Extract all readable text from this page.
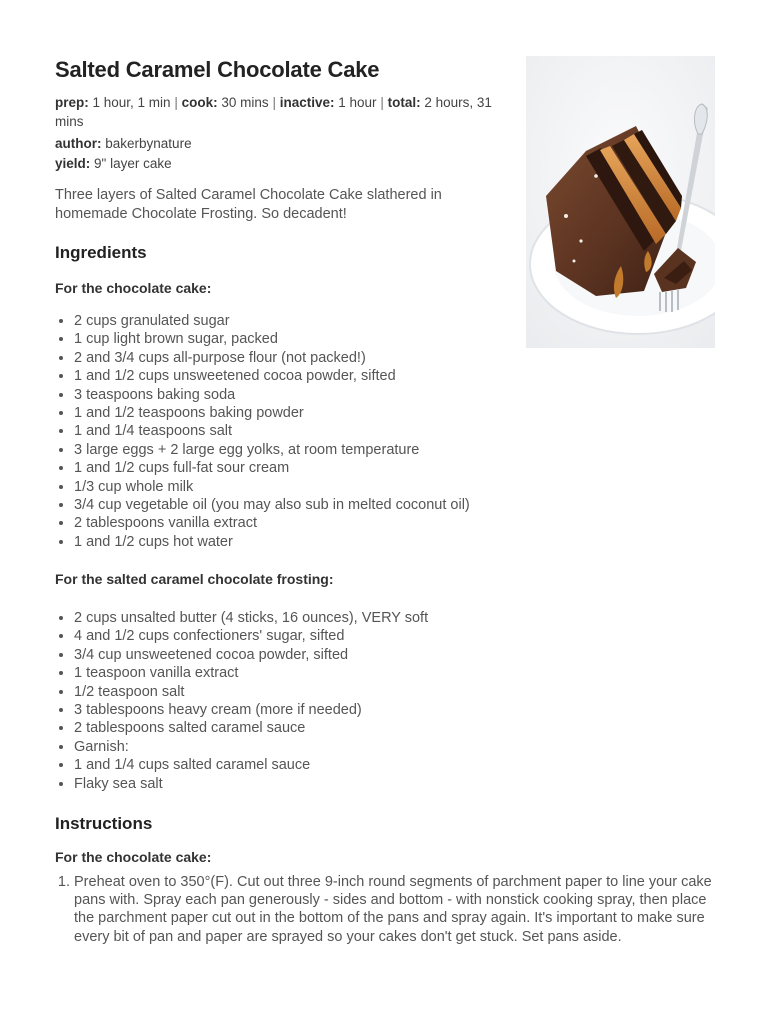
Salted Caramel Chocolate Cake
prep: 1 hour, 1 min | cook: 30 mins | inactive: 1 hour | total: 2 hours, 31 mins
author: bakerbynature
yield: 9" layer cake

Three layers of Salted Caramel Chocolate Cake slathered in homemade Chocolate Frosting. So decadent!

Ingredients
For the chocolate cake:
• 2 cups granulated sugar
• 1 cup light brown sugar, packed
• 2 and 3/4 cups all-purpose flour (not packed!)
• 1 and 1/2 cups unsweetened cocoa powder, sifted
• 3 teaspoons baking soda
• 1 and 1/2 teaspoons baking powder
• 1 and 1/4 teaspoons salt
• 3 large eggs + 2 large egg yolks, at room temperature
• 1 and 1/2 cups full-fat sour cream
• 1/3 cup whole milk
• 3/4 cup vegetable oil (you may also sub in melted coconut oil)
• 2 tablespoons vanilla extract
• 1 and 1/2 cups hot water
For the salted caramel chocolate frosting:
• 2 cups unsalted butter (4 sticks, 16 ounces), VERY soft
• 4 and 1/2 cups confectioners' sugar, sifted
• 3/4 cup unsweetened cocoa powder, sifted
• 1 teaspoon vanilla extract
• 1/2 teaspoon salt
• 3 tablespoons heavy cream (more if needed)
• 2 tablespoons salted caramel sauce
• Garnish:
• 1 and 1/4 cups salted caramel sauce
• Flaky sea salt
Instructions
For the chocolate cake:
1. Preheat oven to 350°(F). Cut out three 9-inch round segments of parchment paper to line your cake pans with. Spray each pan generously - sides and bottom - with nonstick cooking spray, then place the parchment paper cut out in the bottom of the pans and spray again. It's important to make sure every bit of pan and paper are sprayed so your cakes don't get stuck. Set pans aside.
